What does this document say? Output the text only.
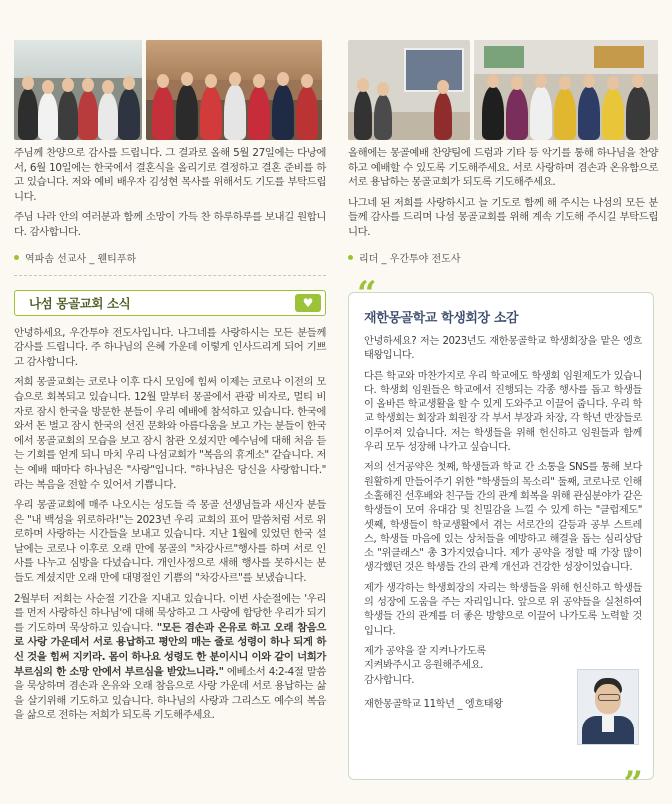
주님께 찬양으로 감사를 드립니다. 그 결과로 올해 5월 27일에는 다낭에서, 6월 10일에는 한국에서 결혼식을 올리기로 결정하고 결혼 준비를 하고 있습니다. 저와 예비 배우자 김성현 목사를 위해서도 기도를 부탁드립니다.

주님 나라 안의 여러분과 함께 소망이 가득 찬 하루하루를 보내길 원합니다. 감사합니다.

역파솜 선교사 _ 웬티푸하
나섬 몽골교회 소식	♥

안녕하세요, 우간투야 전도사입니다. 나그네를 사랑하시는 모든 분들께 감사를 드립니다. 주 하나님의 은혜 가운데 이렇게 인사드리게 되어 기쁘고 감사합니다.

저희 몽골교회는 코로나 이후 다시 모임에 힘써 이제는 코로나 이전의 모습으로 회복되고 있습니다. 12월 말부터 몽골에서 관광 비자로, 멀티 비자로 잠시 한국을 방문한 분들이 우리 예배에 참석하고 있습니다. 한국에 와서 돈 벌고 잠시 한국의 선진 문화와 아름다움을 보고 가는 분들이 한국에서 몽골교회의 모습을 보고 잠시 참관 오셨지만 예수님에 대해 처음 듣는 기회를 얻게 되니 마치 우리 나섬교회가 "복음의 휴게소" 같습니다. 저는 예배 때마다 하나님은 "사랑"입니다. "하나님은 당신을 사랑합니다." 라는 복음을 전할 수 있어서 기쁩니다.

우리 몽골교회에 매주 나오시는 성도들 즉 몽골 선생님들과 새신자 분들은 "내 백성을 위로하라!"는 2023년 우리 교회의 표어 말씀처럼 서로 위로하며 사랑하는 시간들을 보내고 있습니다. 지난 1월에 있었던 한국 설날에는 코로나 이후로 오래 만에 몽골의 "차강사르"행사를 하며 서로 인사를 나누고 심방을 다녔습니다. 개인사정으로 새해 행사를 못하시는 분들도 계셨지만 오래 만에 대명절인 기쁨의 "차강사르"를 보냈습니다.

2월부터 저희는 사순절 기간을 지내고 있습니다. 이번 사순절에는 '우리를 먼저 사랑하신 하나님'에 대해 묵상하고 그 사랑에 합당한 우리가 되기를 기도하며 묵상하고 있습니다. "모든 겸손과 온유로 하고 오래 참음으로 사랑 가운데서 서로 용납하고 평안의 매는 줄로 성령이 하나 되게 하신 것을 힘써 지키라. 몸이 하나요 성령도 한 분이시니 이와 같이 너희가 부르심의 한 소망 안에서 부르심을 받았느니라." 에베소서 4:2-4절 말씀을 묵상하며 겸손과 온유와 오래 참음으로 사랑 가운데 서로 용납하는 삶을 살기위해 기도하고 있습니다. 하나님의 사랑과 그리스도 예수의 복음을 삶으로 전하는 저희가 되도록 기도해주세요.

올해에는 몽골예배 찬양팀에 드럼과 기타 등 악기를 통해 하나님을 찬양하고 예배할 수 있도록 기도해주세요. 서로 사랑하며 겸손과 온유함으로 서로 용납하는 몽골교회가 되도록 기도해주세요.

나그네 된 저희를 사랑하시고 늘 기도로 함께 해 주시는 나섬의 모든 분들께 감사를 드리며 나섬 몽골교회를 위해 계속 기도해 주시길 부탁드립니다.

리더 _ 우간투야 전도사
“
재한몽골학교 학생회장 소감

안녕하세요? 저는 2023년도 재한몽골학교 학생회장을 맡은 엥흐태왕입니다.

다른 학교와 마찬가지로 우리 학교에도 학생회 임원제도가 있습니다. 학생회 임원들은 학교에서 진행되는 각종 행사를 돕고 학생들이 올바른 학교생활을 할 수 있게 도와주고 이끌어 줍니다. 우리 학교 학생회는 회장과 회원장 각 부서 부장과 차장, 각 학년 반장들로 이루어져 있습니다. 저는 학생들을 위해 헌신하고 임원들과 함께 우리 모두 성장해 나가고 싶습니다.

저의 선거공약은 첫째, 학생들과 학교 간 소통을 SNS를 통해 보다 원활하게 만들어주기 위한 "학생들의 목소리" 둘째, 코로나로 인해 소홀해진 선후배와 친구들 간의 관계 회복을 위해 관심분야가 같은 학생들이 모여 유대감 및 친밀감을 느낄 수 있게 하는 "클럽제도" 셋째, 학생들이 학교생활에서 겪는 서로간의 갈등과 공부 스트레스, 학생들 마음에 있는 상처들을 예방하고 해결을 돕는 심리상담소 "위클래스" 총 3가지였습니다. 제가 공약을 정할 때 가장 많이 생각했던 것은 학생들 간의 관계 개선과 건강한 성장이었습니다.

제가 생각하는 학생회장의 자리는 학생들을 위해 헌신하고 학생들의 성장에 도움을 주는 자리입니다. 앞으로 위 공약들을 실천하여 학생들 간의 관계를 더 좋은 방향으로 이끌어 나가도록 노력할 것입니다.

제가 공약을 잘 지켜나가도록

지켜봐주시고 응원해주세요.

감사합니다.

재한몽골학교 11학년 _ 엥흐태왕

”
